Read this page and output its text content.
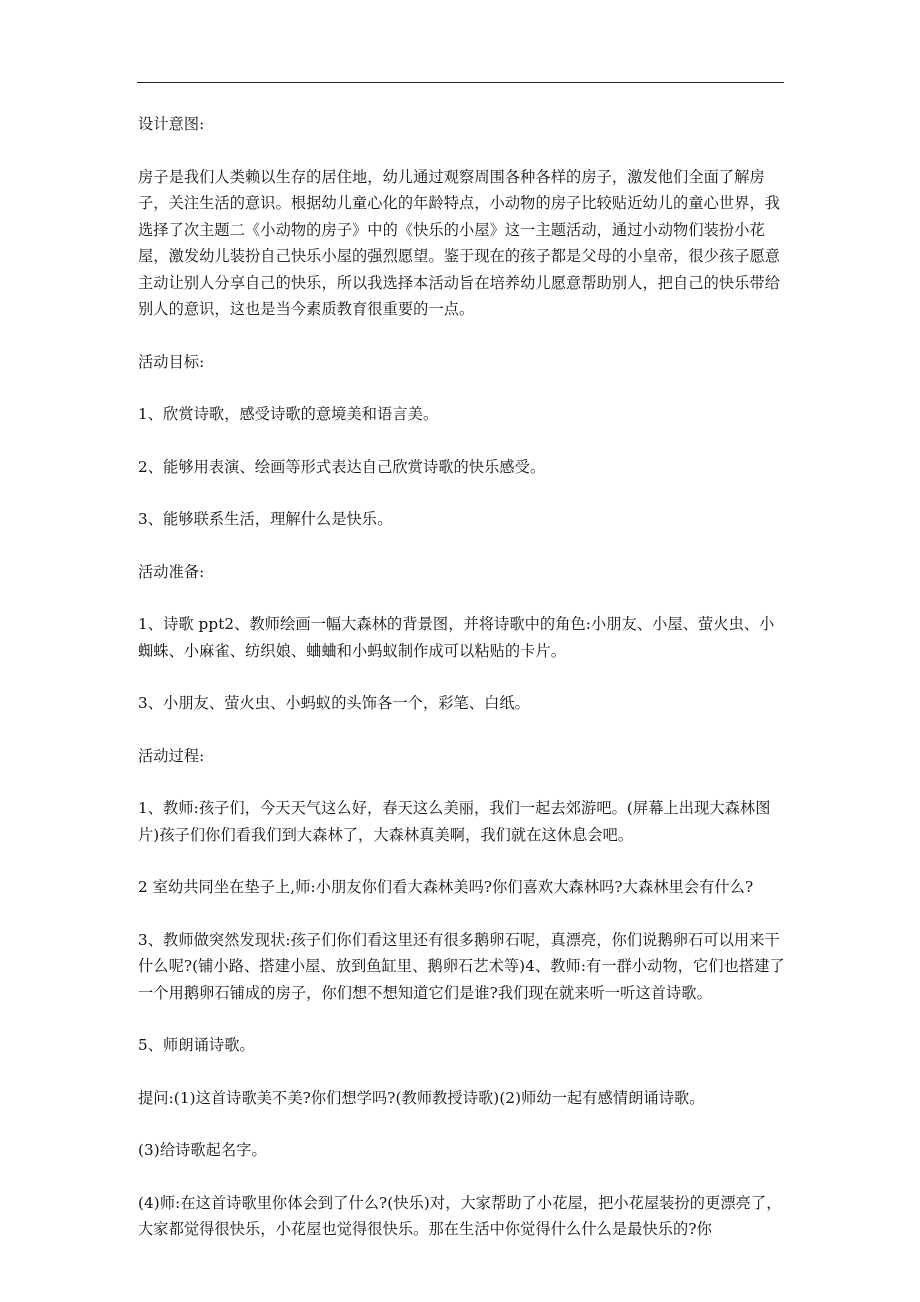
设计意图:

房子是我们人类赖以生存的居住地，幼儿通过观察周围各种各样的房子，激发他们全面了解房子，关注生活的意识。根据幼儿童心化的年龄特点，小动物的房子比较贴近幼儿的童心世界，我选择了次主题二《小动物的房子》中的《快乐的小屋》这一主题活动，通过小动物们装扮小花屋，激发幼儿装扮自己快乐小屋的强烈愿望。鉴于现在的孩子都是父母的小皇帝，很少孩子愿意主动让别人分享自己的快乐，所以我选择本活动旨在培养幼儿愿意帮助别人，把自己的快乐带给别人的意识，这也是当今素质教育很重要的一点。

活动目标:

1、欣赏诗歌，感受诗歌的意境美和语言美。

2、能够用表演、绘画等形式表达自己欣赏诗歌的快乐感受。

3、能够联系生活，理解什么是快乐。

活动准备:

1、诗歌 ppt2、教师绘画一幅大森林的背景图，并将诗歌中的角色:小朋友、小屋、萤火虫、小蜘蛛、小麻雀、纺织娘、蛐蛐和小蚂蚁制作成可以粘贴的卡片。

3、小朋友、萤火虫、小蚂蚁的头饰各一个，彩笔、白纸。

活动过程:

1、教师:孩子们，今天天气这么好，春天这么美丽，我们一起去郊游吧。(屏幕上出现大森林图片)孩子们你们看我们到大森林了，大森林真美啊，我们就在这休息会吧。

2 室幼共同坐在垫子上,师:小朋友你们看大森林美吗?你们喜欢大森林吗?大森林里会有什么?

3、教师做突然发现状:孩子们你们看这里还有很多鹅卵石呢，真漂亮，你们说鹅卵石可以用来干什么呢?(铺小路、搭建小屋、放到鱼缸里、鹅卵石艺术等)4、教师:有一群小动物，它们也搭建了一个用鹅卵石铺成的房子，你们想不想知道它们是谁?我们现在就来听一听这首诗歌。

5、师朗诵诗歌。

提问:(1)这首诗歌美不美?你们想学吗?(教师教授诗歌)(2)师幼一起有感情朗诵诗歌。

(3)给诗歌起名字。

(4)师:在这首诗歌里你体会到了什么?(快乐)对，大家帮助了小花屋，把小花屋装扮的更漂亮了，大家都觉得很快乐，小花屋也觉得很快乐。那在生活中你觉得什么什么是最快乐的?你
